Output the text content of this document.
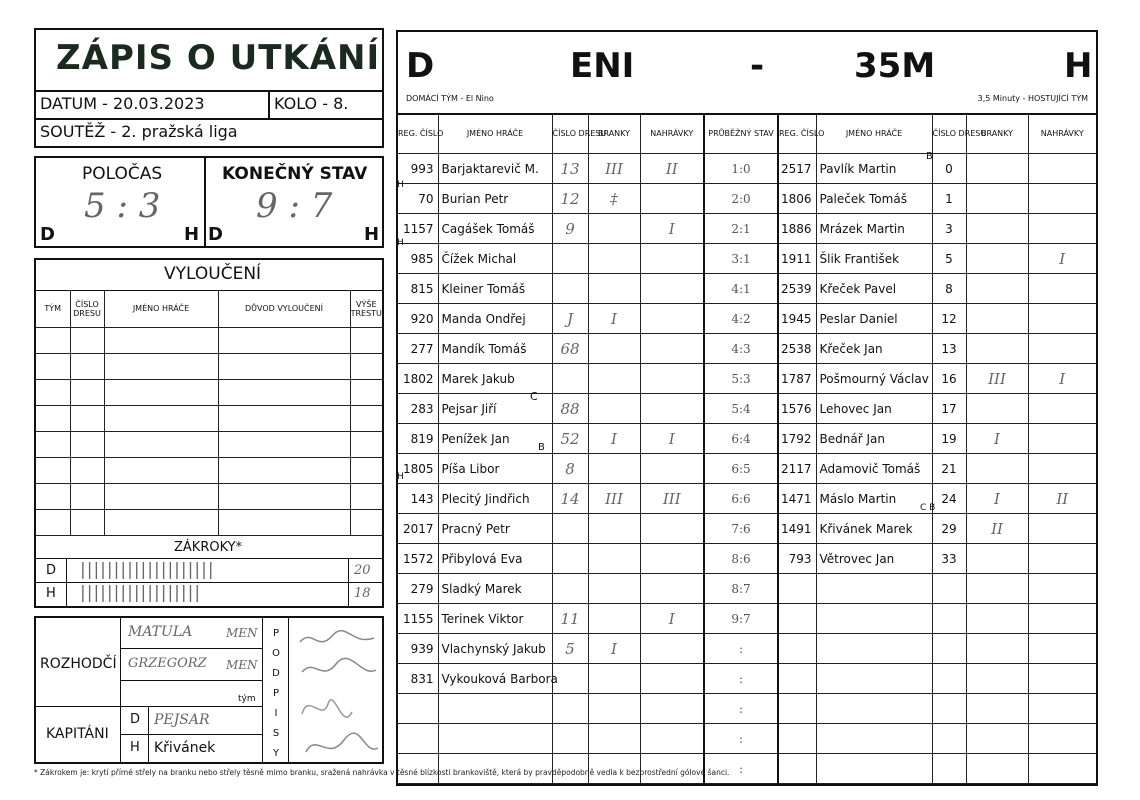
ZÁPIS O UTKÁNÍ
DATUM - 20.03.2023	KOLO - 8.
SOUTĚŽ - 2. pražská liga
POLOČAS
5 : 3
D	H
KONEČNÝ STAV
9 : 7
D	H
VYLOUČENÍ
TÝM	ČÍSLO DRESU	JMÉNO HRÁČE	DŮVOD VYLOUČENÍ	VÝŠE TRESTU

ZÁKROKY*
D ||||||||||||||||||||	20
H ||||||||||||||||||	18
ROZHODČÍ
MATULA	MEN
GRZEGORZ MEN
tým
KAPITÁNI
D PEJSAR
H Křivánek
P
O
D
P
I
S
Y
* Zákrokem je: krytí přímé střely na branku nebo střely těsně mimo branku, sražená nahrávka v těsné blízkosti brankoviště, která by pravděpodobně vedla k bezprostřední gólové šanci.
D	ENI	-	35M	H
DOMÁCÍ TÝM - El Nino	3,5 Minuty - HOSTUJÍCÍ TÝM
REG. ČÍSLO	JMÉNO HRÁČE	ČÍSLO DRESU	BRANKY	NAHRÁVKY	PRŮBĚŽNÝ STAV	REG. ČÍSLO	JMÉNO HRÁČE	ČÍSLO DRESU	BRANKY	NAHRÁVKY
993	Barjaktarevič M.	13	III	II	1:0	2517	Pavlík Martin	0		
70	Burian Petr	12	‡		2:0	1806	Paleček Tomáš	1		
1157	Cagášek Tomáš	9		I	2:1	1886	Mrázek Martin	3		
985	Čížek Michal				3:1	1911	Šlik František	5		I
815	Kleiner Tomáš				4:1	2539	Křeček Pavel	8		
920	Manda Ondřej	J	I		4:2	1945	Peslar Daniel	12		
277	Mandík Tomáš	68			4:3	2538	Křeček Jan	13		
1802	Marek Jakub				5:3	1787	Pošmourný Václav	16	III	I
283	Pejsar Jiří	88			5:4	1576	Lehovec Jan	17		
819	Penížek Jan	52	I	I	6:4	1792	Bednář Jan	19	I	
1805	Píša Libor	8			6:5	2117	Adamovič Tomáš	21		
143	Plecitý Jindřich	14	III	III	6:6	1471	Máslo Martin	24	I	II
2017	Pracný Petr				7:6	1491	Křivánek Marek	29	II	
1572	Přibylová Eva				8:6	793	Větrovec Jan	33		
279	Sladký Marek				8:7					
1155	Terinek Viktor	11		I	9:7					
939	Vlachynský Jakub	5	I		:					
831	Vykouková Barbora				:					
					:					
					:					
					:					
H
H
H
C
B
B
C B
